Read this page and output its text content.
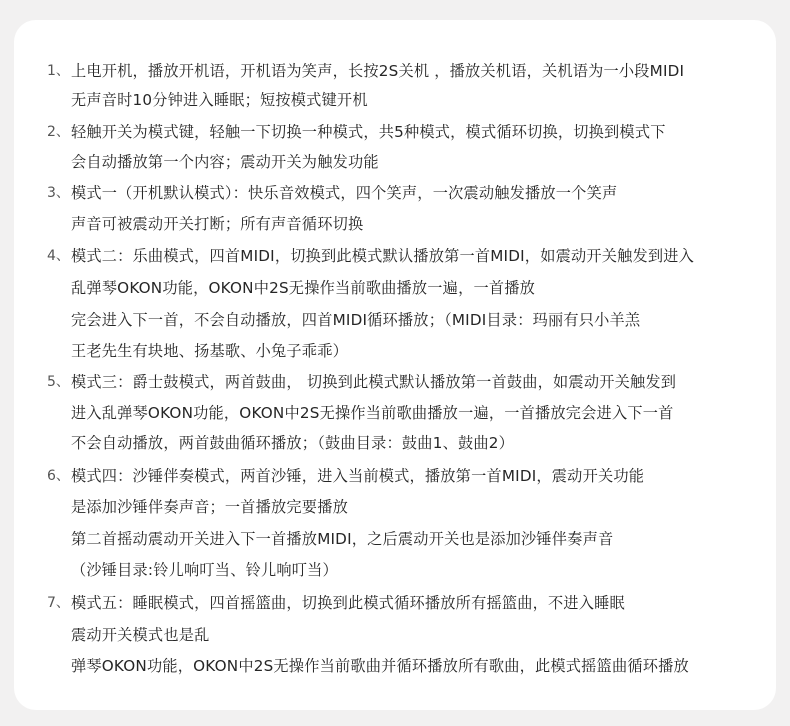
1、 上电开机，播放开机语，开机语为笑声，长按2S关机 ，播放关机语，关机语为一小段MIDI
无声音时10分钟进入睡眠；短按模式键开机
2、 轻触开关为模式键，轻触一下切换一种模式，共5种模式，模式循环切换，切换到模式下
会自动播放第一个内容；震动开关为触发功能
3、 模式一（开机默认模式）：快乐音效模式，四个笑声，一次震动触发播放一个笑声
声音可被震动开关打断；所有声音循环切换
4、 模式二：乐曲模式，四首MIDI，切换到此模式默认播放第一首MIDI，如震动开关触发到进入
乱弹琴OKON功能，OKON中2S无操作当前歌曲播放一遍，一首播放
完会进入下一首，不会自动播放，四首MIDI循环播放；（MIDI目录：玛丽有只小羊羔
王老先生有块地、扬基歌、小兔子乖乖）
5、 模式三：爵士鼓模式，两首鼓曲， 切换到此模式默认播放第一首鼓曲，如震动开关触发到
进入乱弹琴OKON功能，OKON中2S无操作当前歌曲播放一遍，一首播放完会进入下一首
不会自动播放，两首鼓曲循环播放；（鼓曲目录：鼓曲1、鼓曲2）
6、 模式四：沙锤伴奏模式，两首沙锤，进入当前模式，播放第一首MIDI，震动开关功能
是添加沙锤伴奏声音；一首播放完要播放
第二首摇动震动开关进入下一首播放MIDI，之后震动开关也是添加沙锤伴奏声音
（沙锤目录:铃儿响叮当、铃儿响叮当）
7、 模式五：睡眠模式，四首摇篮曲，切换到此模式循环播放所有摇篮曲，不进入睡眠
震动开关模式也是乱
弹琴OKON功能，OKON中2S无操作当前歌曲并循环播放所有歌曲，此模式摇篮曲循环播放
